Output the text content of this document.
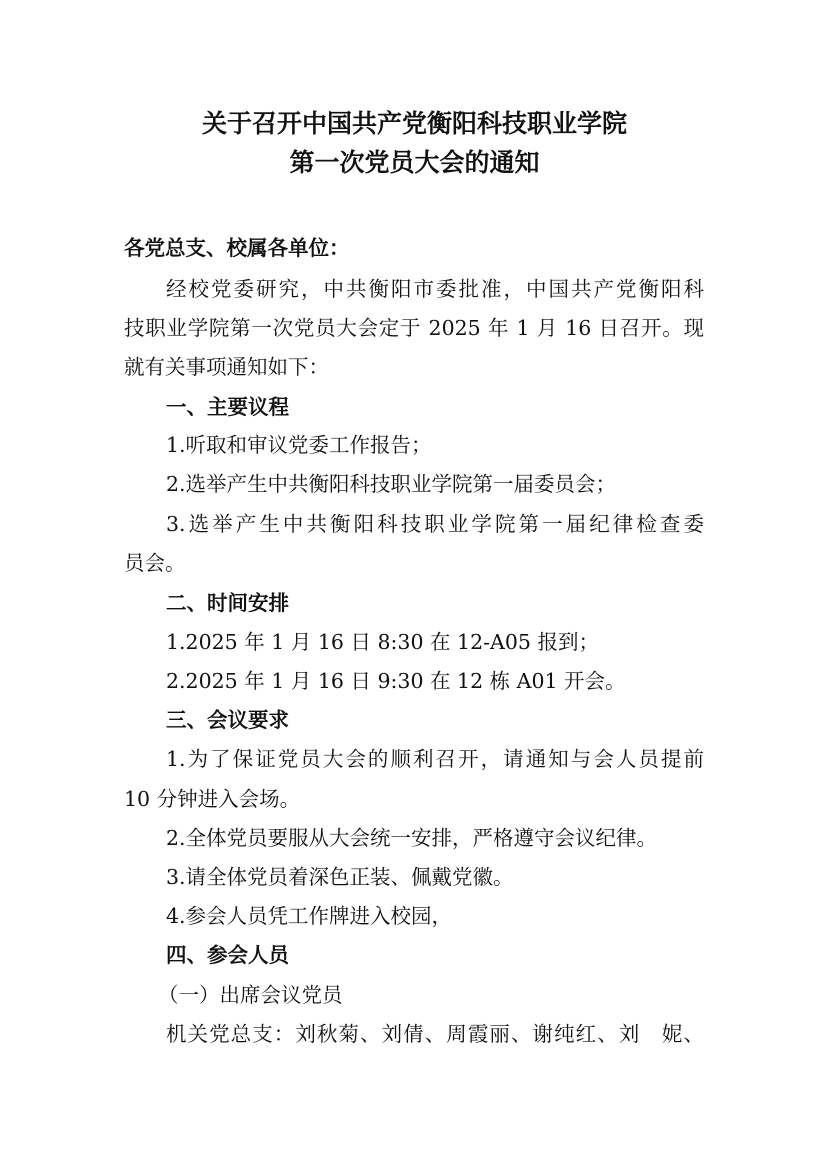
关于召开中国共产党衡阳科技职业学院
第一次党员大会的通知
各党总支、校属各单位：
经校党委研究，中共衡阳市委批准，中国共产党衡阳科
技职业学院第一次党员大会定于 2025 年 1 月 16 日召开。现
就有关事项通知如下：
一、主要议程
1.听取和审议党委工作报告；
2.选举产生中共衡阳科技职业学院第一届委员会；
3.选举产生中共衡阳科技职业学院第一届纪律检查委
员会。
二、时间安排
1.2025 年 1 月 16 日 8:30 在 12-A05 报到；
2.2025 年 1 月 16 日 9:30 在 12 栋 A01 开会。
三、会议要求
1.为了保证党员大会的顺利召开，请通知与会人员提前
10 分钟进入会场。
2.全体党员要服从大会统一安排，严格遵守会议纪律。
3.请全体党员着深色正装、佩戴党徽。
4.参会人员凭工作牌进入校园，
四、参会人员
（一）出席会议党员
机关党总支：刘秋菊、刘倩、周霞丽、谢纯红、刘　妮、
